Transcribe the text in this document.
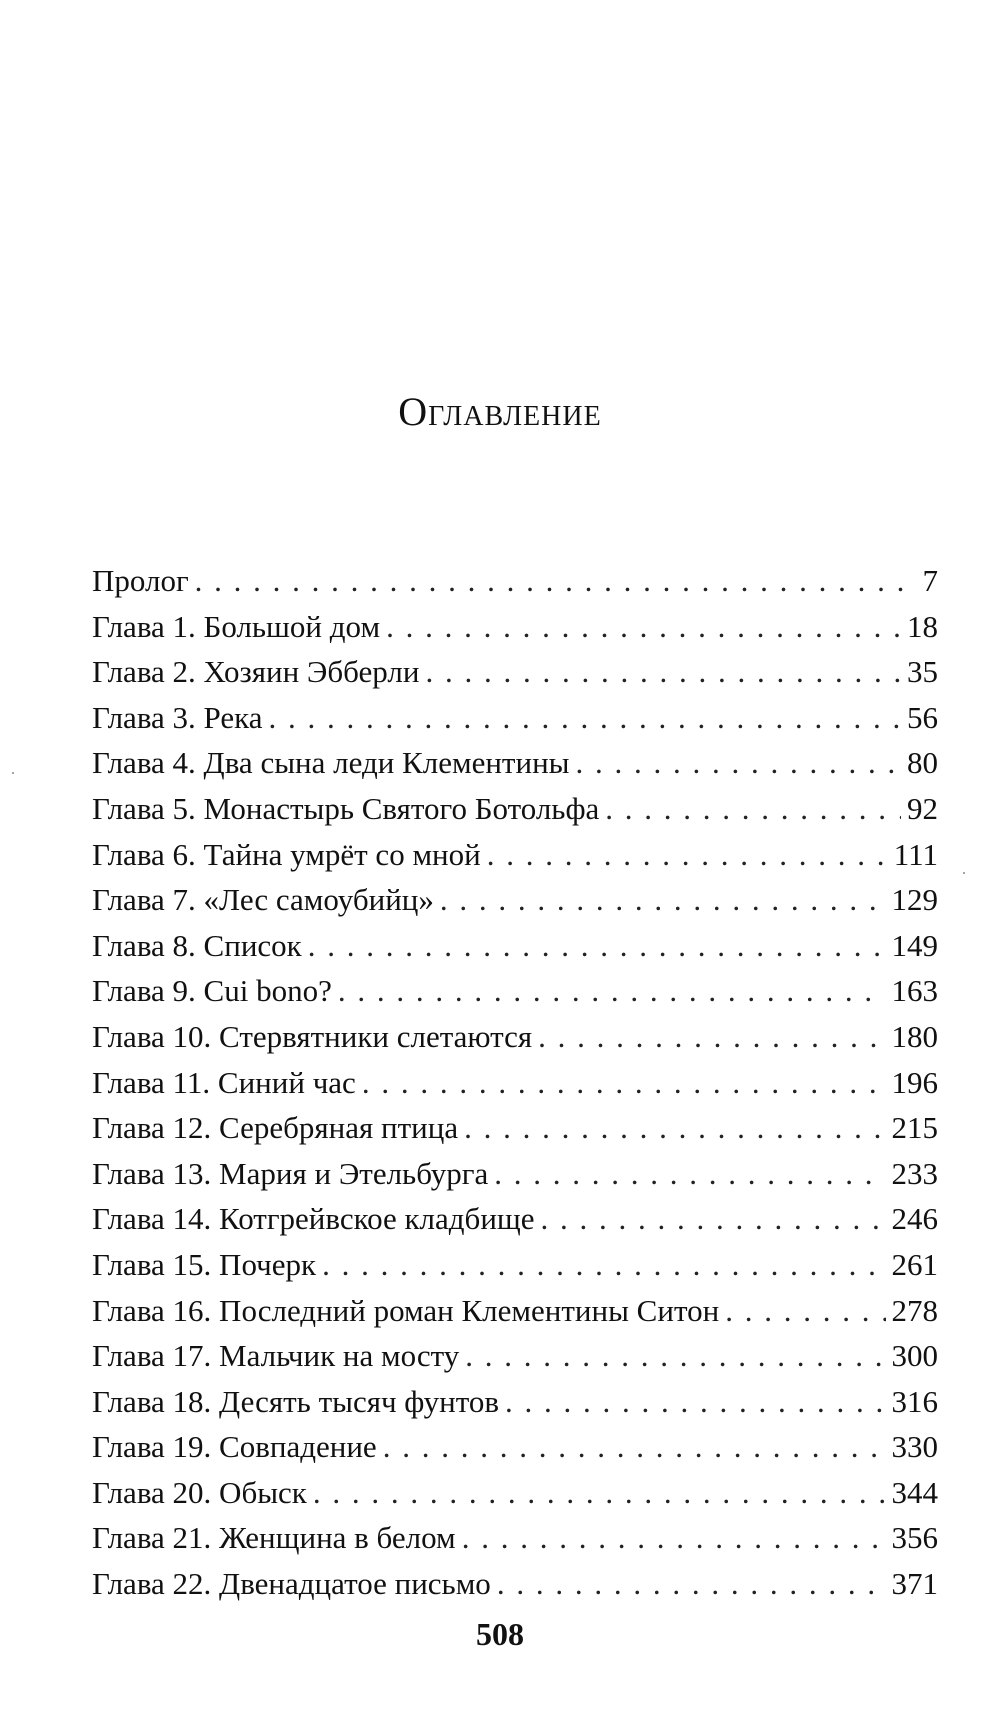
Оглавление
Пролог . . .	7
Глава 1. Большой дом . . .	18
Глава 2. Хозяин Эбберли . . .	35
Глава 3. Река . . .	56
Глава 4. Два сына леди Клементины . . .	80
Глава 5. Монастырь Святого Ботольфа . . .	92
Глава 6. Тайна умрёт со мной . . .	111
Глава 7. «Лес самоубийц» . . .	129
Глава 8. Список . . .	149
Глава 9. Cui bono? . . .	163
Глава 10. Стервятники слетаются . . .	180
Глава 11. Синий час . . .	196
Глава 12. Серебряная птица . . .	215
Глава 13. Мария и Этельбурга . . .	233
Глава 14. Котгрейвское кладбище . . .	246
Глава 15. Почерк . . .	261
Глава 16. Последний роман Клементины Ситон . . .	278
Глава 17. Мальчик на мосту . . .	300
Глава 18. Десять тысяч фунтов . . .	316
Глава 19. Совпадение . . .	330
Глава 20. Обыск . . .	344
Глава 21. Женщина в белом . . .	356
Глава 22. Двенадцатое письмо . . .	371

508
